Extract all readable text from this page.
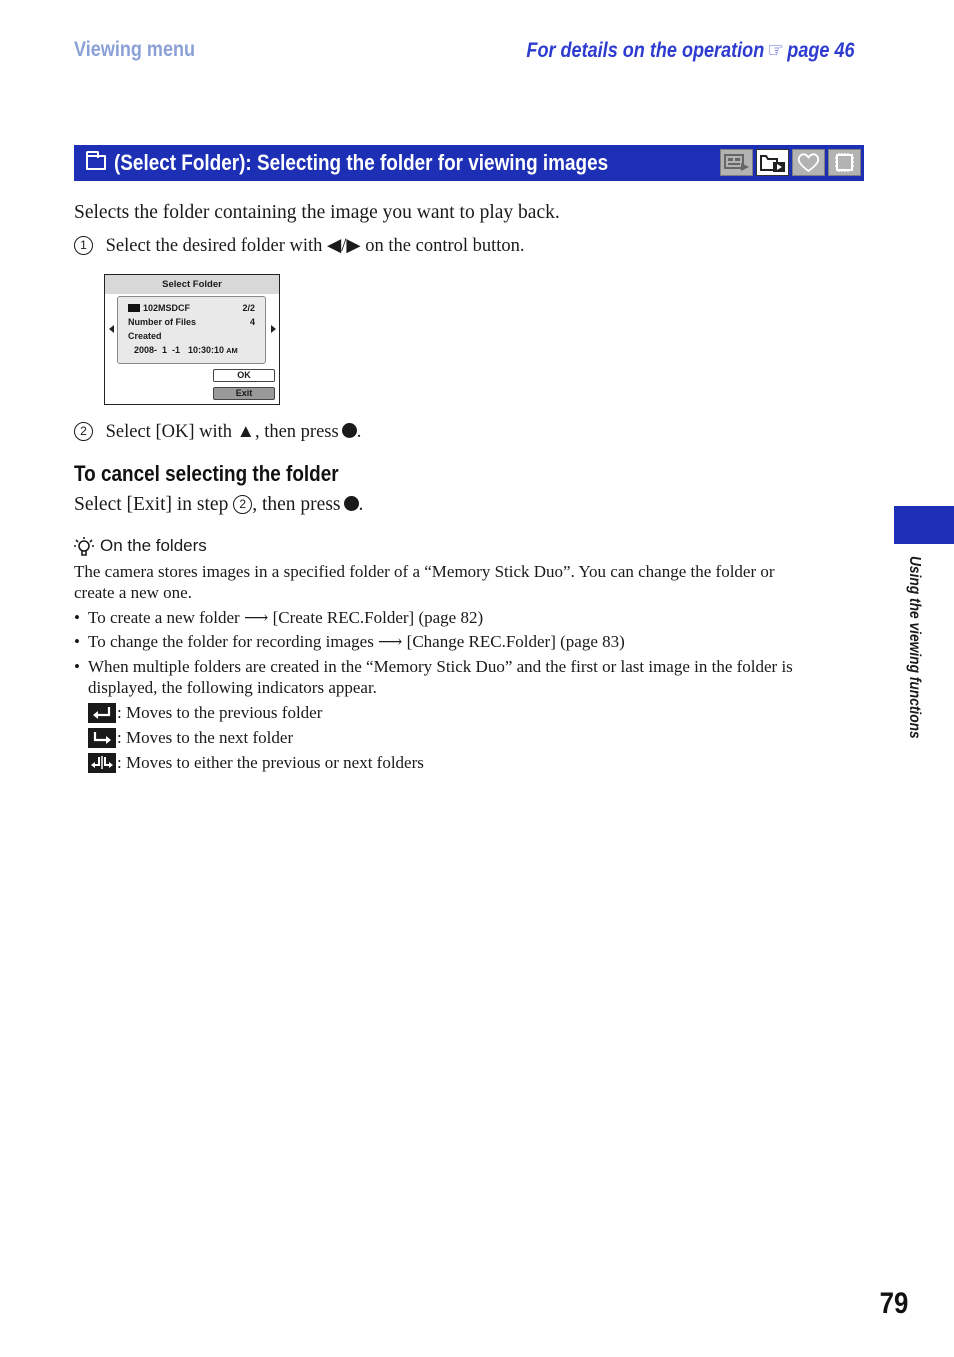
Viewing menu	For details on the operation ☞ page 46
(Select Folder): Selecting the folder for viewing images
Selects the folder containing the image you want to play back.
1 Select the desired folder with ◀/▶ on the control button.
Select Folder
102MSDCF	2/2
Number of Files	4
Created
2008-  1  -1 10:30:10 AM
OK
Exit
2 Select [OK] with ▲, then press .
To cancel selecting the folder
Select [Exit] in step 2 , then press .
On the folders
The camera stores images in a specified folder of a “Memory Stick Duo”. You can change the folder or
create a new one.
• To create a new folder ⟶ [Create REC.Folder] (page 82)
• To change the folder for recording images ⟶ [Change REC.Folder] (page 83)
• When multiple folders are created in the “Memory Stick Duo” and the first or last image in the folder is
displayed, the following indicators appear.
: Moves to the previous folder
: Moves to the next folder
: Moves to either the previous or next folders
Using the viewing functions
79
